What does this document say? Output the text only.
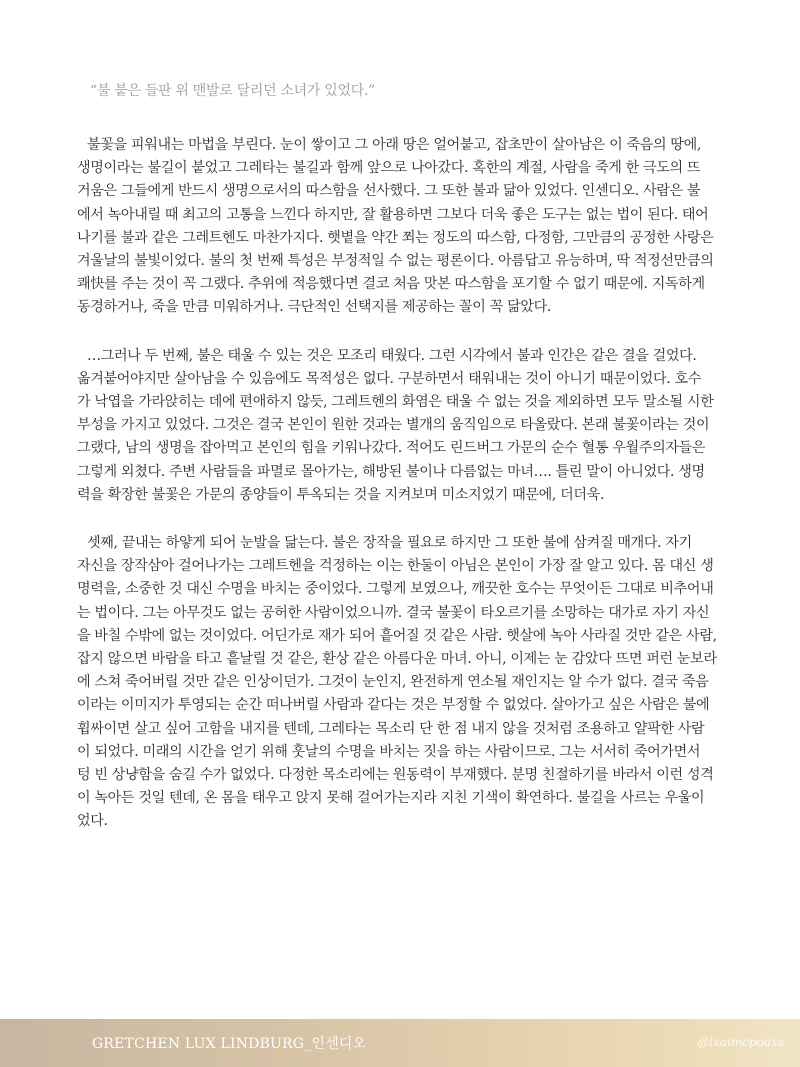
“불 붙은 들판 위 맨발로 달리던 소녀가 있었다.”

불꽃을 피워내는 마법을 부린다. 눈이 쌓이고 그 아래 땅은 얼어붙고, 잡초만이 살아남은 이 죽음의 땅에,
생명이라는 불길이 붙었고 그레타는 불길과 함께 앞으로 나아갔다. 혹한의 계절, 사람을 죽게 한 극도의 뜨
거움은 그들에게 반드시 생명으로서의 따스함을 선사했다. 그 또한 불과 닮아 있었다. 인센디오. 사람은 불
에서 녹아내릴 때 최고의 고통을 느낀다 하지만, 잘 활용하면 그보다 더욱 좋은 도구는 없는 법이 된다. 태어
나기를 불과 같은 그레트헨도 마찬가지다. 햇볕을 약간 쬐는 정도의 따스함, 다정함, 그만큼의 공정한 사랑은
겨울날의 불빛이었다. 불의 첫 번째 특성은 부정적일 수 없는 평론이다. 아름답고 유능하며, 딱 적정선만큼의
쾌快를 주는 것이 꼭 그랬다. 추위에 적응했다면 결코 처음 맛본 따스함을 포기할 수 없기 때문에. 지독하게
동경하거나, 죽을 만큼 미워하거나. 극단적인 선택지를 제공하는 꼴이 꼭 닮았다.

…그러나 두 번째, 불은 태울 수 있는 것은 모조리 태웠다. 그런 시각에서 불과 인간은 같은 결을 걸었다.
옮겨붙어야지만 살아남을 수 있음에도 목적성은 없다. 구분하면서 태워내는 것이 아니기 때문이었다. 호수
가 낙엽을 가라앉히는 데에 편애하지 않듯, 그레트헨의 화염은 태울 수 없는 것을 제외하면 모두 말소될 시한
부성을 가지고 있었다. 그것은 결국 본인이 원한 것과는 별개의 움직임으로 타올랐다. 본래 불꽃이라는 것이
그랬다, 남의 생명을 잡아먹고 본인의 힘을 키워나갔다. 적어도 린드버그 가문의 순수 혈통 우월주의자들은
그렇게 외쳤다. 주변 사람들을 파멸로 몰아가는, 해방된 불이나 다름없는 마녀…. 틀린 말이 아니었다. 생명
력을 확장한 불꽃은 가문의 종양들이 투옥되는 것을 지켜보며 미소지었기 때문에, 더더욱.

셋째, 끝내는 하얗게 되어 눈발을 닮는다. 불은 장작을 필요로 하지만 그 또한 불에 삼켜질 매개다. 자기
자신을 장작삼아 걸어나가는 그레트헨을 걱정하는 이는 한둘이 아님은 본인이 가장 잘 알고 있다. 몸 대신 생
명력을, 소중한 것 대신 수명을 바치는 중이었다. 그렇게 보였으나, 깨끗한 호수는 무엇이든 그대로 비추어내
는 법이다. 그는 아무것도 없는 공허한 사람이었으니까. 결국 불꽃이 타오르기를 소망하는 대가로 자기 자신
을 바칠 수밖에 없는 것이었다. 어딘가로 재가 되어 흩어질 것 같은 사람. 햇살에 녹아 사라질 것만 같은 사람,
잡지 않으면 바람을 타고 흩날릴 것 같은, 환상 같은 아름다운 마녀. 아니, 이제는 눈 감았다 뜨면 퍼런 눈보라
에 스쳐 죽어버릴 것만 같은 인상이던가. 그것이 눈인지, 완전하게 연소될 재인지는 알 수가 없다. 결국 죽음
이라는 이미지가 투영되는 순간 떠나버릴 사람과 같다는 것은 부정할 수 없었다. 살아가고 싶은 사람은 불에
휩싸이면 살고 싶어 고함을 내지를 텐데, 그레타는 목소리 단 한 점 내지 않을 것처럼 조용하고 얄팍한 사람
이 되었다. 미래의 시간을 얻기 위해 훗날의 수명을 바치는 짓을 하는 사람이므로. 그는 서서히 죽어가면서
텅 빈 상냥함을 숨길 수가 없었다. 다정한 목소리에는 원동력이 부재했다. 분명 친절하기를 바라서 이런 성격
이 녹아든 것일 텐데, 온 몸을 태우고 앉지 못해 걸어가는지라 지친 기색이 확연하다. 불길을 사르는 우울이
었다.

GRETCHEN LUX LINDBURG_인센디오	@lxaimcpoaxs
